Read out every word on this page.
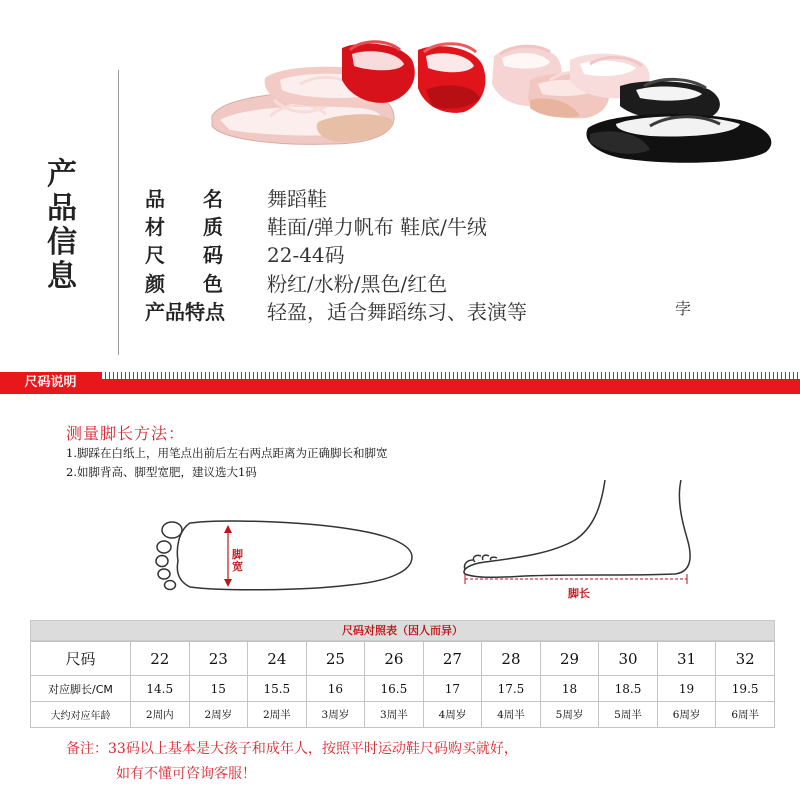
产品信息
品名 舞蹈鞋
材质 鞋面/弹力帆布 鞋底/牛绒
尺码 22-44码
颜色 粉红/水粉/黑色/红色
产品特点	轻盈，适合舞蹈练习、表演等	孛
尺码说明
测量脚长方法：
1.脚踩在白纸上，用笔点出前后左右两点距离为正确脚长和脚宽
2.如脚背高、脚型宽肥，建议选大1码
脚宽
脚长
尺码对照表（因人而异）
尺码	22	23	24	25	26	27	28	29	30	31	32
对应脚长/CM	14.5	15	15.5	16	16.5	17	17.5	18	18.5	19	19.5
大约对应年龄	2周内	2周岁	2周半	3周岁	3周半	4周岁	4周半	5周岁	5周半	6周岁	6周半
备注：33码以上基本是大孩子和成年人，按照平时运动鞋尺码购买就好，
如有不懂可咨询客服！
